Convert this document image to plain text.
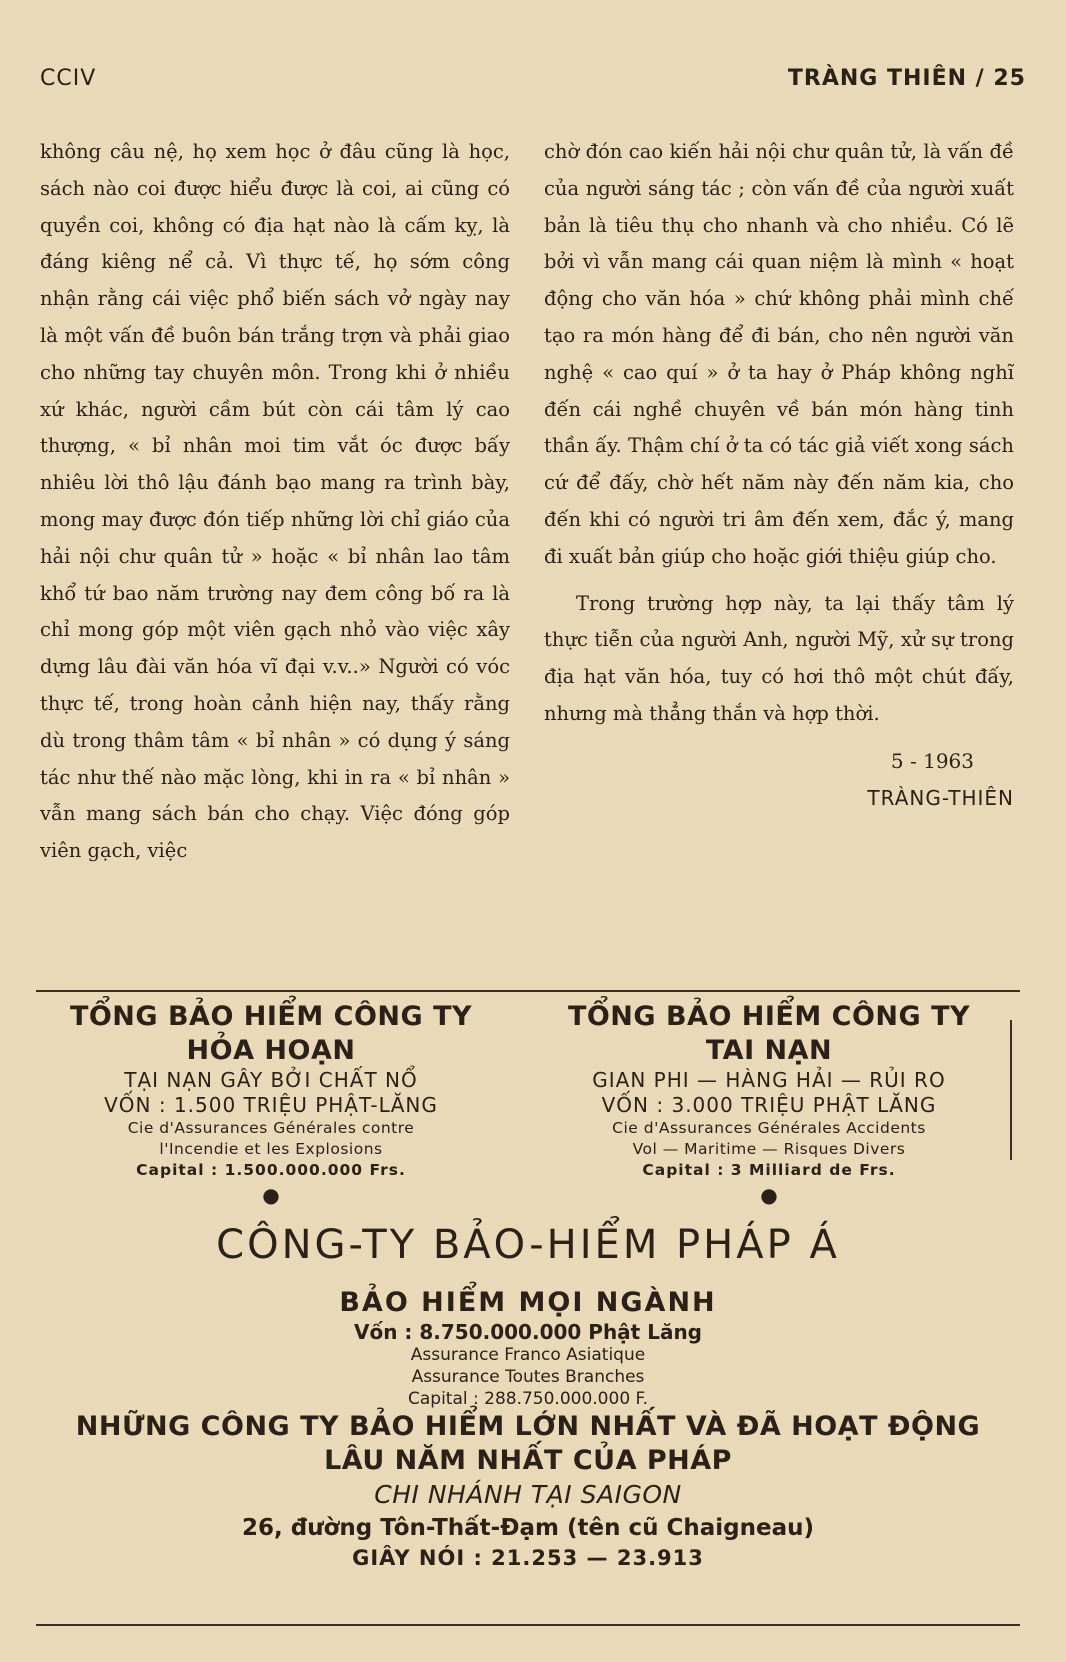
CCIV	TRÀNG THIÊN / 25

không câu nệ, họ xem học ở đâu cũng là học, sách nào coi được hiểu được là coi, ai cũng có quyền coi, không có địa hạt nào là cấm kỵ, là đáng kiêng nể cả. Vì thực tế, họ sớm công nhận rằng cái việc phổ biến sách vở ngày nay là một vấn đề buôn bán trắng trợn và phải giao cho những tay chuyên môn. Trong khi ở nhiều xứ khác, người cầm bút còn cái tâm lý cao thượng, « bỉ nhân moi tim vắt óc được bấy nhiêu lời thô lậu đánh bạo mang ra trình bày, mong may được đón tiếp những lời chỉ giáo của hải nội chư quân tử » hoặc « bỉ nhân lao tâm khổ tứ bao năm trường nay đem công bố ra là chỉ mong góp một viên gạch nhỏ vào việc xây dựng lâu đài văn hóa vĩ đại v.v..» Người có vóc thực tế, trong hoàn cảnh hiện nay, thấy rằng dù trong thâm tâm « bỉ nhân » có dụng ý sáng tác như thế nào mặc lòng, khi in ra « bỉ nhân » vẫn mang sách bán cho chạy. Việc đóng góp viên gạch, việc

chờ đón cao kiến hải nội chư quân tử, là vấn đề của người sáng tác ; còn vấn đề của người xuất bản là tiêu thụ cho nhanh và cho nhiều. Có lẽ bởi vì vẫn mang cái quan niệm là mình « hoạt động cho văn hóa » chứ không phải mình chế tạo ra món hàng để đi bán, cho nên người văn nghệ « cao quí » ở ta hay ở Pháp không nghĩ đến cái nghề chuyên về bán món hàng tinh thần ấy. Thậm chí ở ta có tác giả viết xong sách cứ để đấy, chờ hết năm này đến năm kia, cho đến khi có người tri âm đến xem, đắc ý, mang đi xuất bản giúp cho hoặc giới thiệu giúp cho.

Trong trường hợp này, ta lại thấy tâm lý thực tiễn của người Anh, người Mỹ, xử sự trong địa hạt văn hóa, tuy có hơi thô một chút đấy, nhưng mà thẳng thắn và hợp thời.

5 - 1963
TRÀNG-THIÊN
TỔNG BẢO HIỂM CÔNG TY
HỎA HOẠN
TẠI NẠN GÂY BỞI CHẤT NỔ
VỐN : 1.500 TRIỆU PHẬT-LĂNG
Cie d'Assurances Générales contre
l'Incendie et les Explosions
Capital : 1.500.000.000 Frs.
●
TỔNG BẢO HIỂM CÔNG TY
TAI NẠN
GIAN PHI — HÀNG HẢI — RỦI RO
VỐN : 3.000 TRIỆU PHẬT LĂNG
Cie d'Assurances Générales Accidents
Vol — Maritime — Risques Divers
Capital : 3 Milliard de Frs.
●
CÔNG-TY BẢO-HIỂM PHÁP Á
BẢO HIỂM MỌI NGÀNH
Vốn : 8.750.000.000 Phật Lăng
Assurance Franco Asiatique
Assurance Toutes Branches
Capital : 288.750.000.000 F.
NHỮNG CÔNG TY BẢO HIỂM LỚN NHẤT VÀ ĐÃ HOẠT ĐỘNG
LÂU NĂM NHẤT CỦA PHÁP
CHI NHÁNH TẠI SAIGON
26, đường Tôn-Thất-Đạm (tên cũ Chaigneau)
GIÂY NÓI : 21.253 — 23.913
